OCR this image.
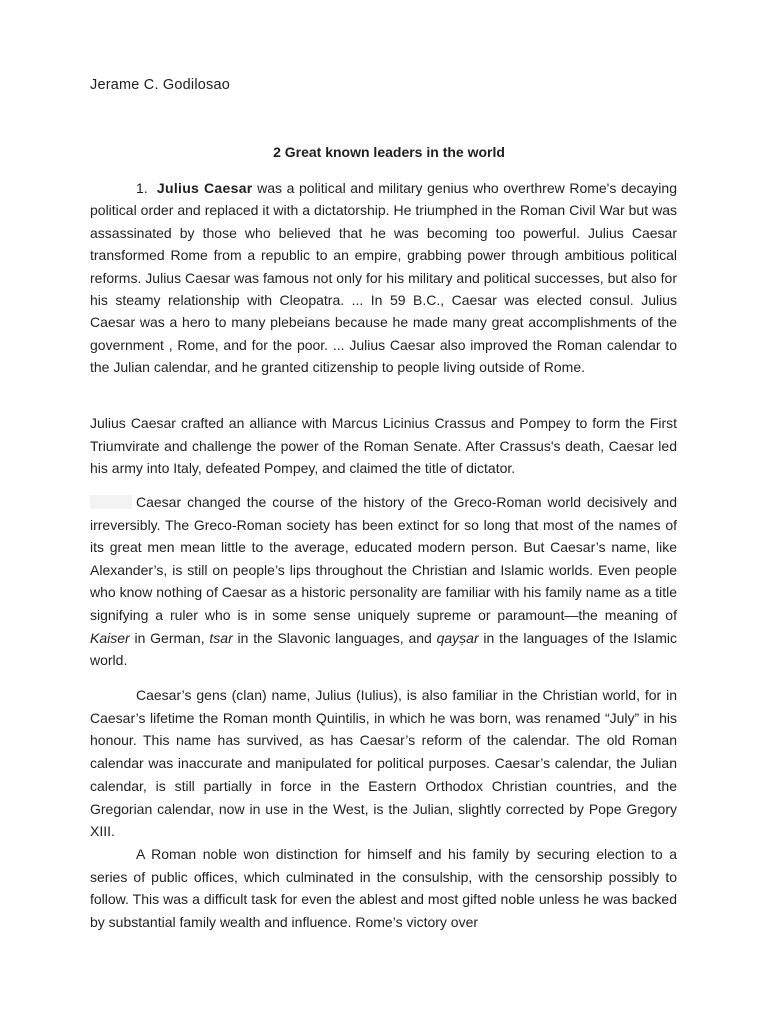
Jerame C. Godilosao
2 Great known leaders in the world

1. Julius Caesar was a political and military genius who overthrew Rome's decaying political order and replaced it with a dictatorship. He triumphed in the Roman Civil War but was assassinated by those who believed that he was becoming too powerful. Julius Caesar transformed Rome from a republic to an empire, grabbing power through ambitious political reforms. Julius Caesar was famous not only for his military and political successes, but also for his steamy relationship with Cleopatra. ... In 59 B.C., Caesar was elected consul. Julius Caesar was a hero to many plebeians because he made many great accomplishments of the government , Rome, and for the poor. ... Julius Caesar also improved the Roman calendar to the Julian calendar, and he granted citizenship to people living outside of Rome.

Julius Caesar crafted an alliance with Marcus Licinius Crassus and Pompey to form the First Triumvirate and challenge the power of the Roman Senate. After Crassus's death, Caesar led his army into Italy, defeated Pompey, and claimed the title of dictator.

Caesar changed the course of the history of the Greco-Roman world decisively and irreversibly. The Greco-Roman society has been extinct for so long that most of the names of its great men mean little to the average, educated modern person. But Caesar’s name, like Alexander’s, is still on people’s lips throughout the Christian and Islamic worlds. Even people who know nothing of Caesar as a historic personality are familiar with his family name as a title signifying a ruler who is in some sense uniquely supreme or paramount—the meaning of Kaiser in German, tsar in the Slavonic languages, and qayṣar in the languages of the Islamic world.

Caesar’s gens (clan) name, Julius (Iulius), is also familiar in the Christian world, for in Caesar’s lifetime the Roman month Quintilis, in which he was born, was renamed “July” in his honour. This name has survived, as has Caesar’s reform of the calendar. The old Roman calendar was inaccurate and manipulated for political purposes. Caesar’s calendar, the Julian calendar, is still partially in force in the Eastern Orthodox Christian countries, and the Gregorian calendar, now in use in the West, is the Julian, slightly corrected by Pope Gregory XIII.

A Roman noble won distinction for himself and his family by securing election to a series of public offices, which culminated in the consulship, with the censorship possibly to follow. This was a difficult task for even the ablest and most gifted noble unless he was backed by substantial family wealth and influence. Rome’s victory over
